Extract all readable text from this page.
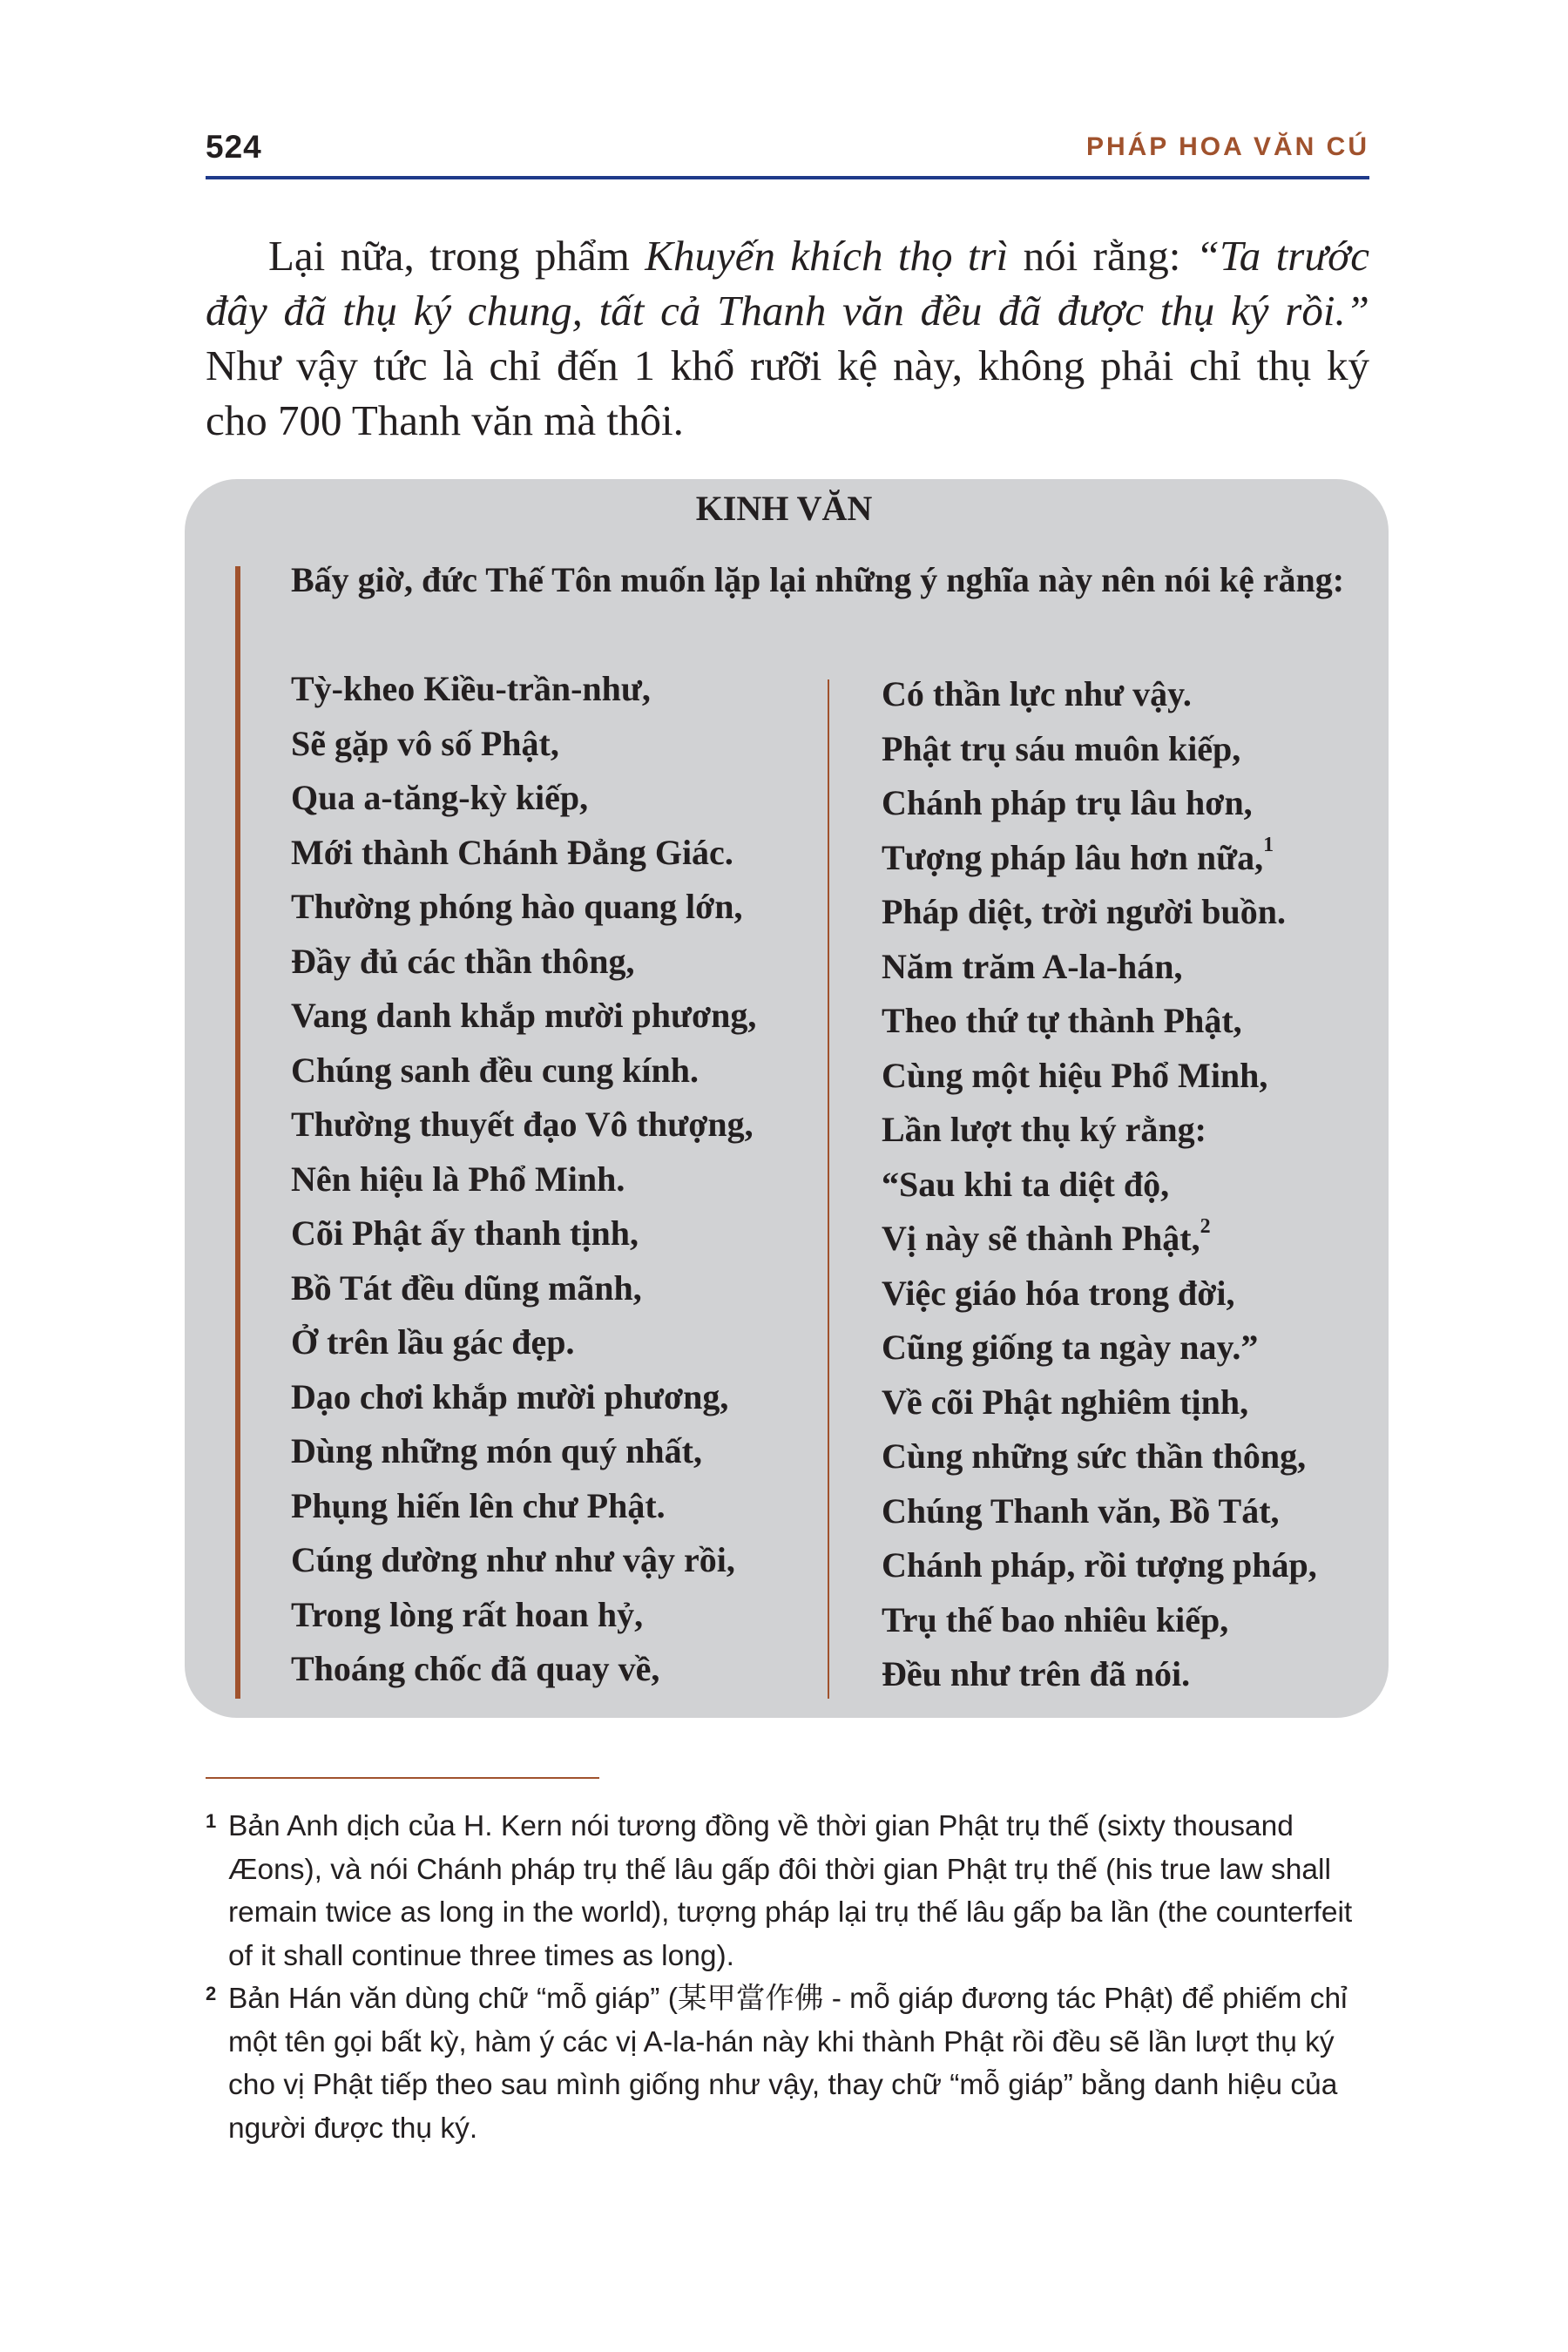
524	PHÁP HOA VĂN CÚ

Lại nữa, trong phẩm Khuyến khích thọ trì nói rằng: “Ta trước đây đã thụ ký chung, tất cả Thanh văn đều đã được thụ ký rồi.” Như vậy tức là chỉ đến 1 khổ rưỡi kệ này, không phải chỉ thụ ký cho 700 Thanh văn mà thôi.

KINH VĂN
Bấy giờ, đức Thế Tôn muốn lặp lại những ý nghĩa này nên nói kệ rằng:
Tỳ-kheo Kiều-trần-như,
Sẽ gặp vô số Phật,
Qua a-tăng-kỳ kiếp,
Mới thành Chánh Đẳng Giác.
Thường phóng hào quang lớn,
Đầy đủ các thần thông,
Vang danh khắp mười phương,
Chúng sanh đều cung kính.
Thường thuyết đạo Vô thượng,
Nên hiệu là Phổ Minh.
Cõi Phật ấy thanh tịnh,
Bồ Tát đều dũng mãnh,
Ở trên lầu gác đẹp.
Dạo chơi khắp mười phương,
Dùng những món quý nhất,
Phụng hiến lên chư Phật.
Cúng dường như như vậy rồi,
Trong lòng rất hoan hỷ,
Thoáng chốc đã quay về,
Có thần lực như vậy.
Phật trụ sáu muôn kiếp,
Chánh pháp trụ lâu hơn,
Tượng pháp lâu hơn nữa,$^1$
Pháp diệt, trời người buồn.
Năm trăm A-la-hán,
Theo thứ tự thành Phật,
Cùng một hiệu Phổ Minh,
Lần lượt thụ ký rằng:
“Sau khi ta diệt độ,
Vị này sẽ thành Phật,$^2$
Việc giáo hóa trong đời,
Cũng giống ta ngày nay.”
Về cõi Phật nghiêm tịnh,
Cùng những sức thần thông,
Chúng Thanh văn, Bồ Tát,
Chánh pháp, rồi tượng pháp,
Trụ thế bao nhiêu kiếp,
Đều như trên đã nói.

1 Bản Anh dịch của H. Kern nói tương đồng về thời gian Phật trụ thế (sixty thousand Æons), và nói Chánh pháp trụ thế lâu gấp đôi thời gian Phật trụ thế (his true law shall remain twice as long in the world), tượng pháp lại trụ thế lâu gấp ba lần (the counterfeit of it shall continue three times as long).

2 Bản Hán văn dùng chữ “mỗ giáp” (某甲當作佛 - mỗ giáp đương tác Phật) để phiếm chỉ một tên gọi bất kỳ, hàm ý các vị A-la-hán này khi thành Phật rồi đều sẽ lần lượt thụ ký cho vị Phật tiếp theo sau mình giống như vậy, thay chữ “mỗ giáp” bằng danh hiệu của người được thụ ký.
